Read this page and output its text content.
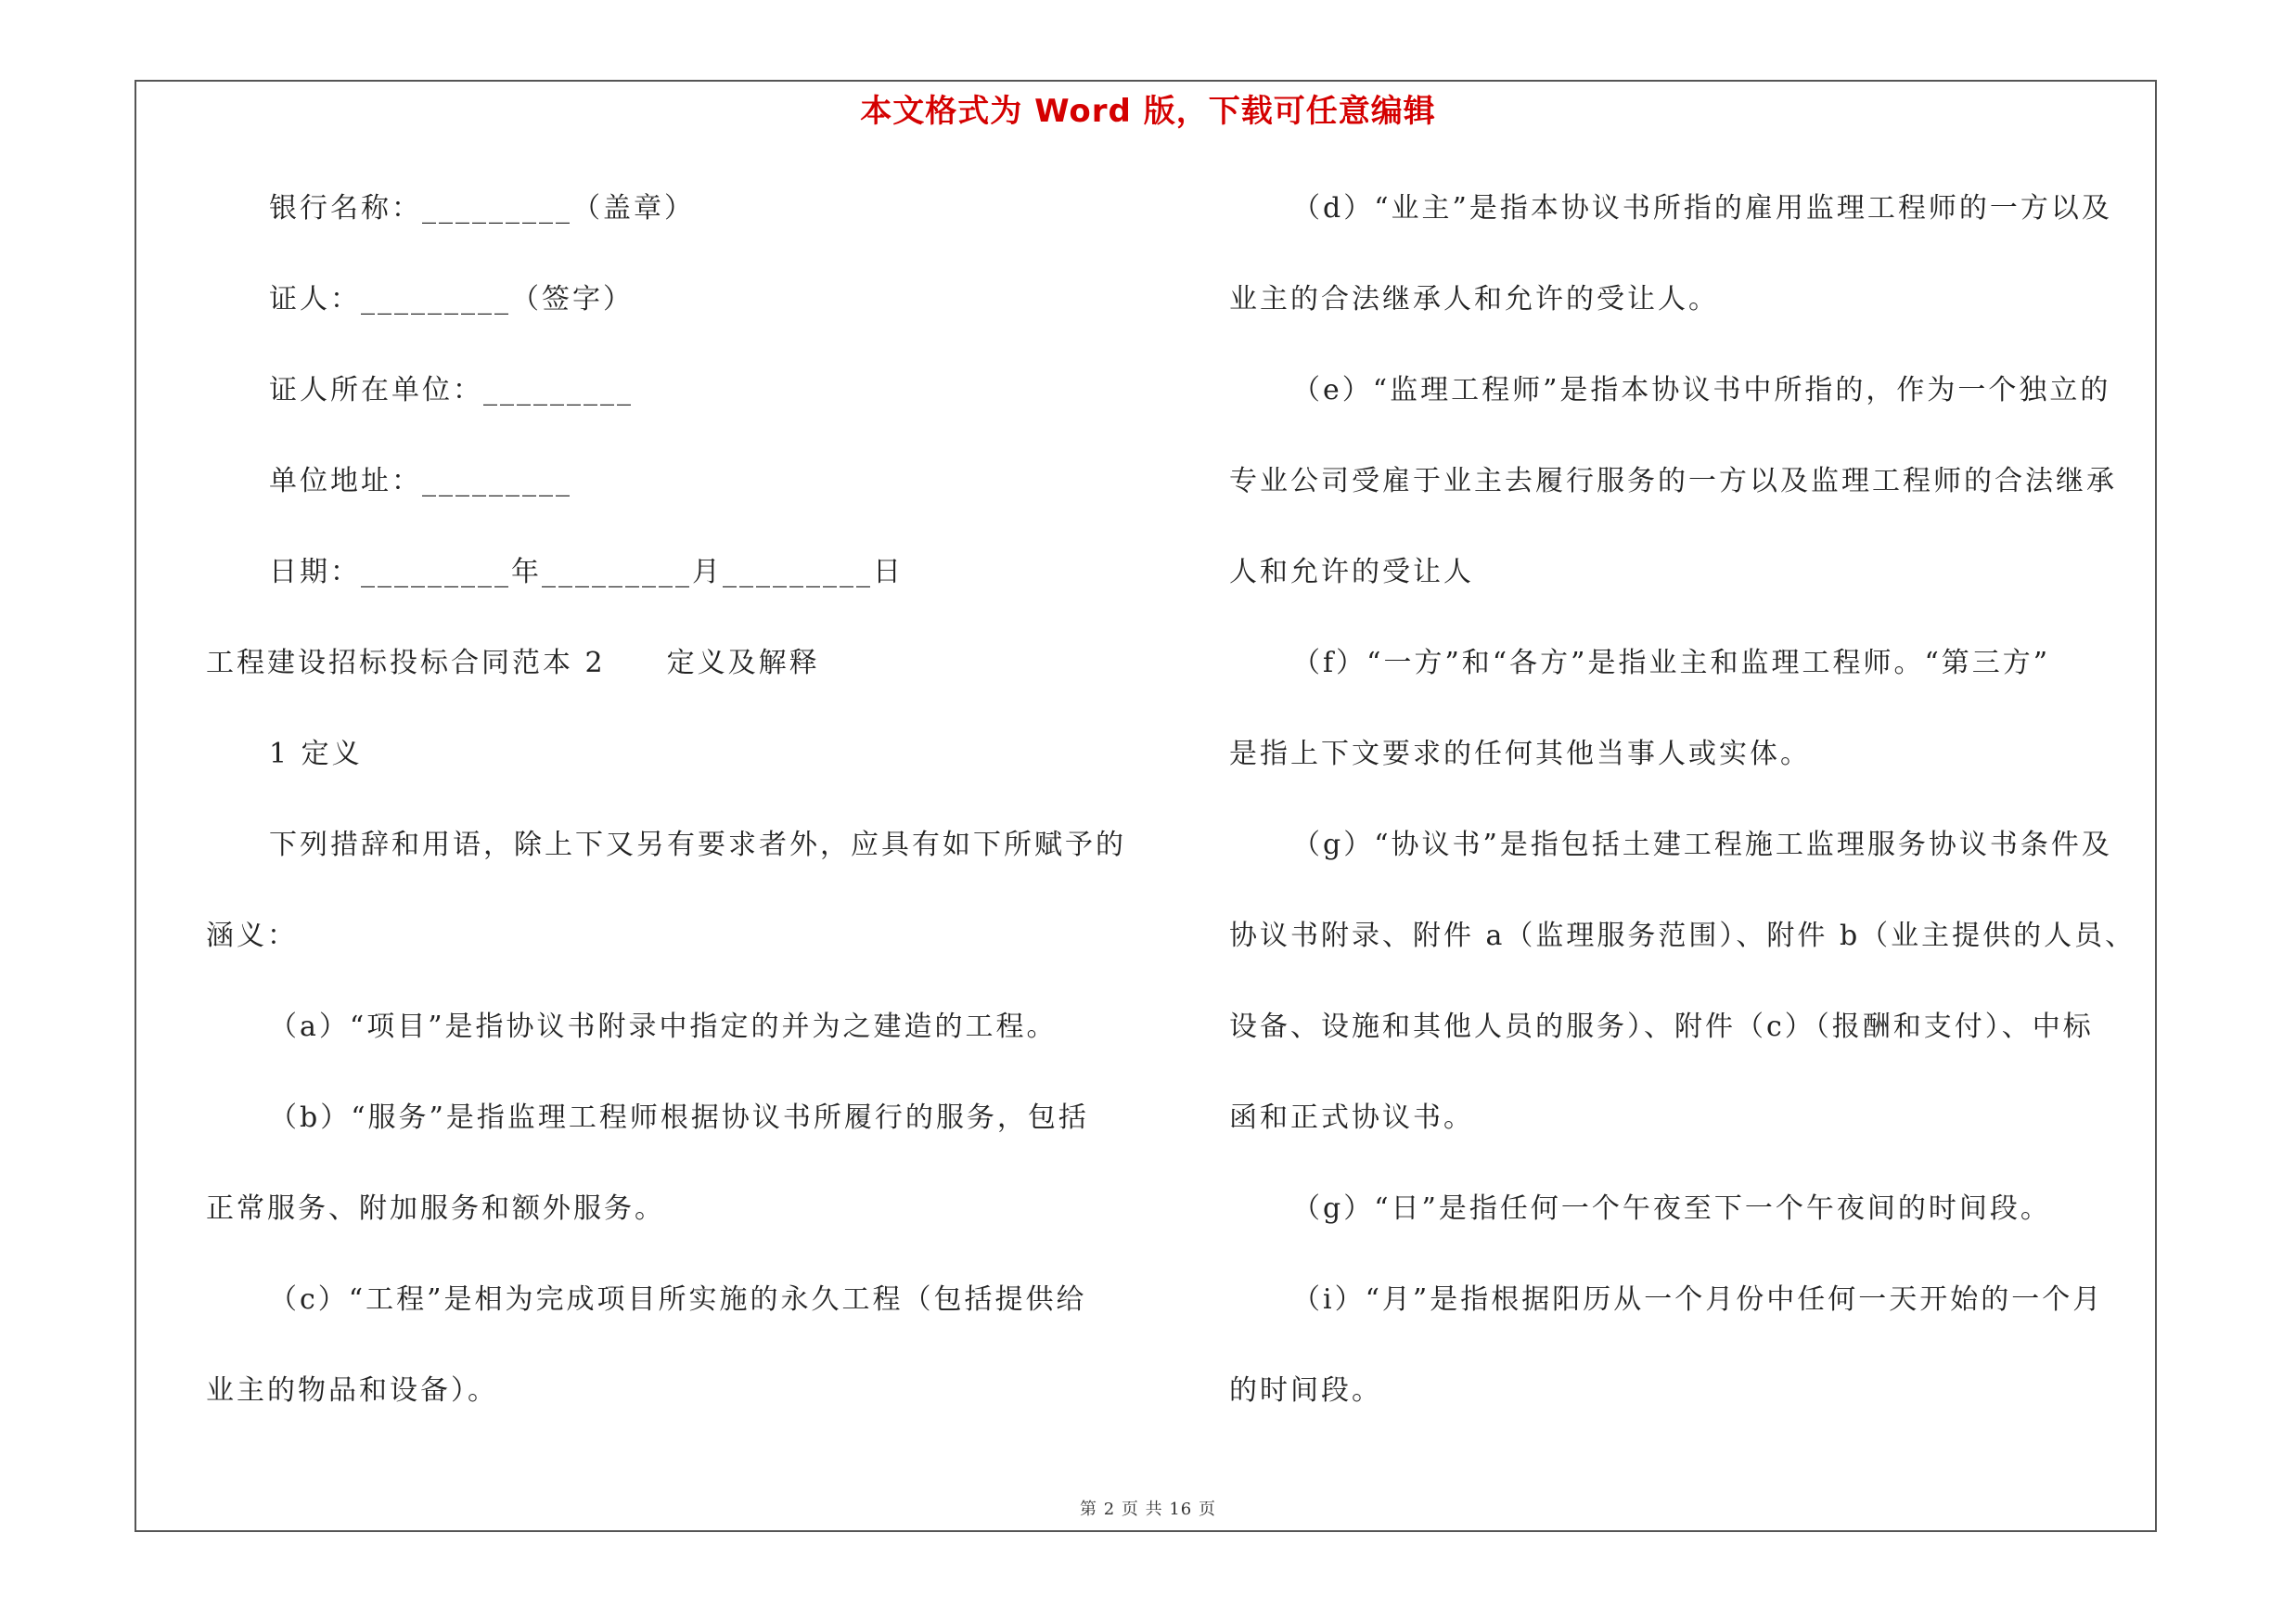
本文格式为 Word 版，下载可任意编辑
银行名称：_________（盖章）
证人：_________（签字）
证人所在单位：_________
单位地址：_________
日期：_________年_________月_________日
工程建设招标投标合同范本 2　　定义及解释
1 定义
下列措辞和用语，除上下又另有要求者外，应具有如下所赋予的
涵义：
（a）“项目”是指协议书附录中指定的并为之建造的工程。
（b）“服务”是指监理工程师根据协议书所履行的服务，包括
正常服务、附加服务和额外服务。
（c）“工程”是相为完成项目所实施的永久工程（包括提供给
业主的物品和设备）。
（d）“业主”是指本协议书所指的雇用监理工程师的一方以及
业主的合法继承人和允许的受让人。
（e）“监理工程师”是指本协议书中所指的，作为一个独立的
专业公司受雇于业主去履行服务的一方以及监理工程师的合法继承
人和允许的受让人
（f）“一方”和“各方”是指业主和监理工程师。“第三方”
是指上下文要求的任何其他当事人或实体。
（g）“协议书”是指包括土建工程施工监理服务协议书条件及
协议书附录、附件 a（监理服务范围）、附件 b（业主提供的人员、
设备、设施和其他人员的服务）、附件（c）（报酬和支付）、中标
函和正式协议书。
（g）“日”是指任何一个午夜至下一个午夜间的时间段。
（i）“月”是指根据阳历从一个月份中任何一天开始的一个月
的时间段。
第 2 页 共 16 页
